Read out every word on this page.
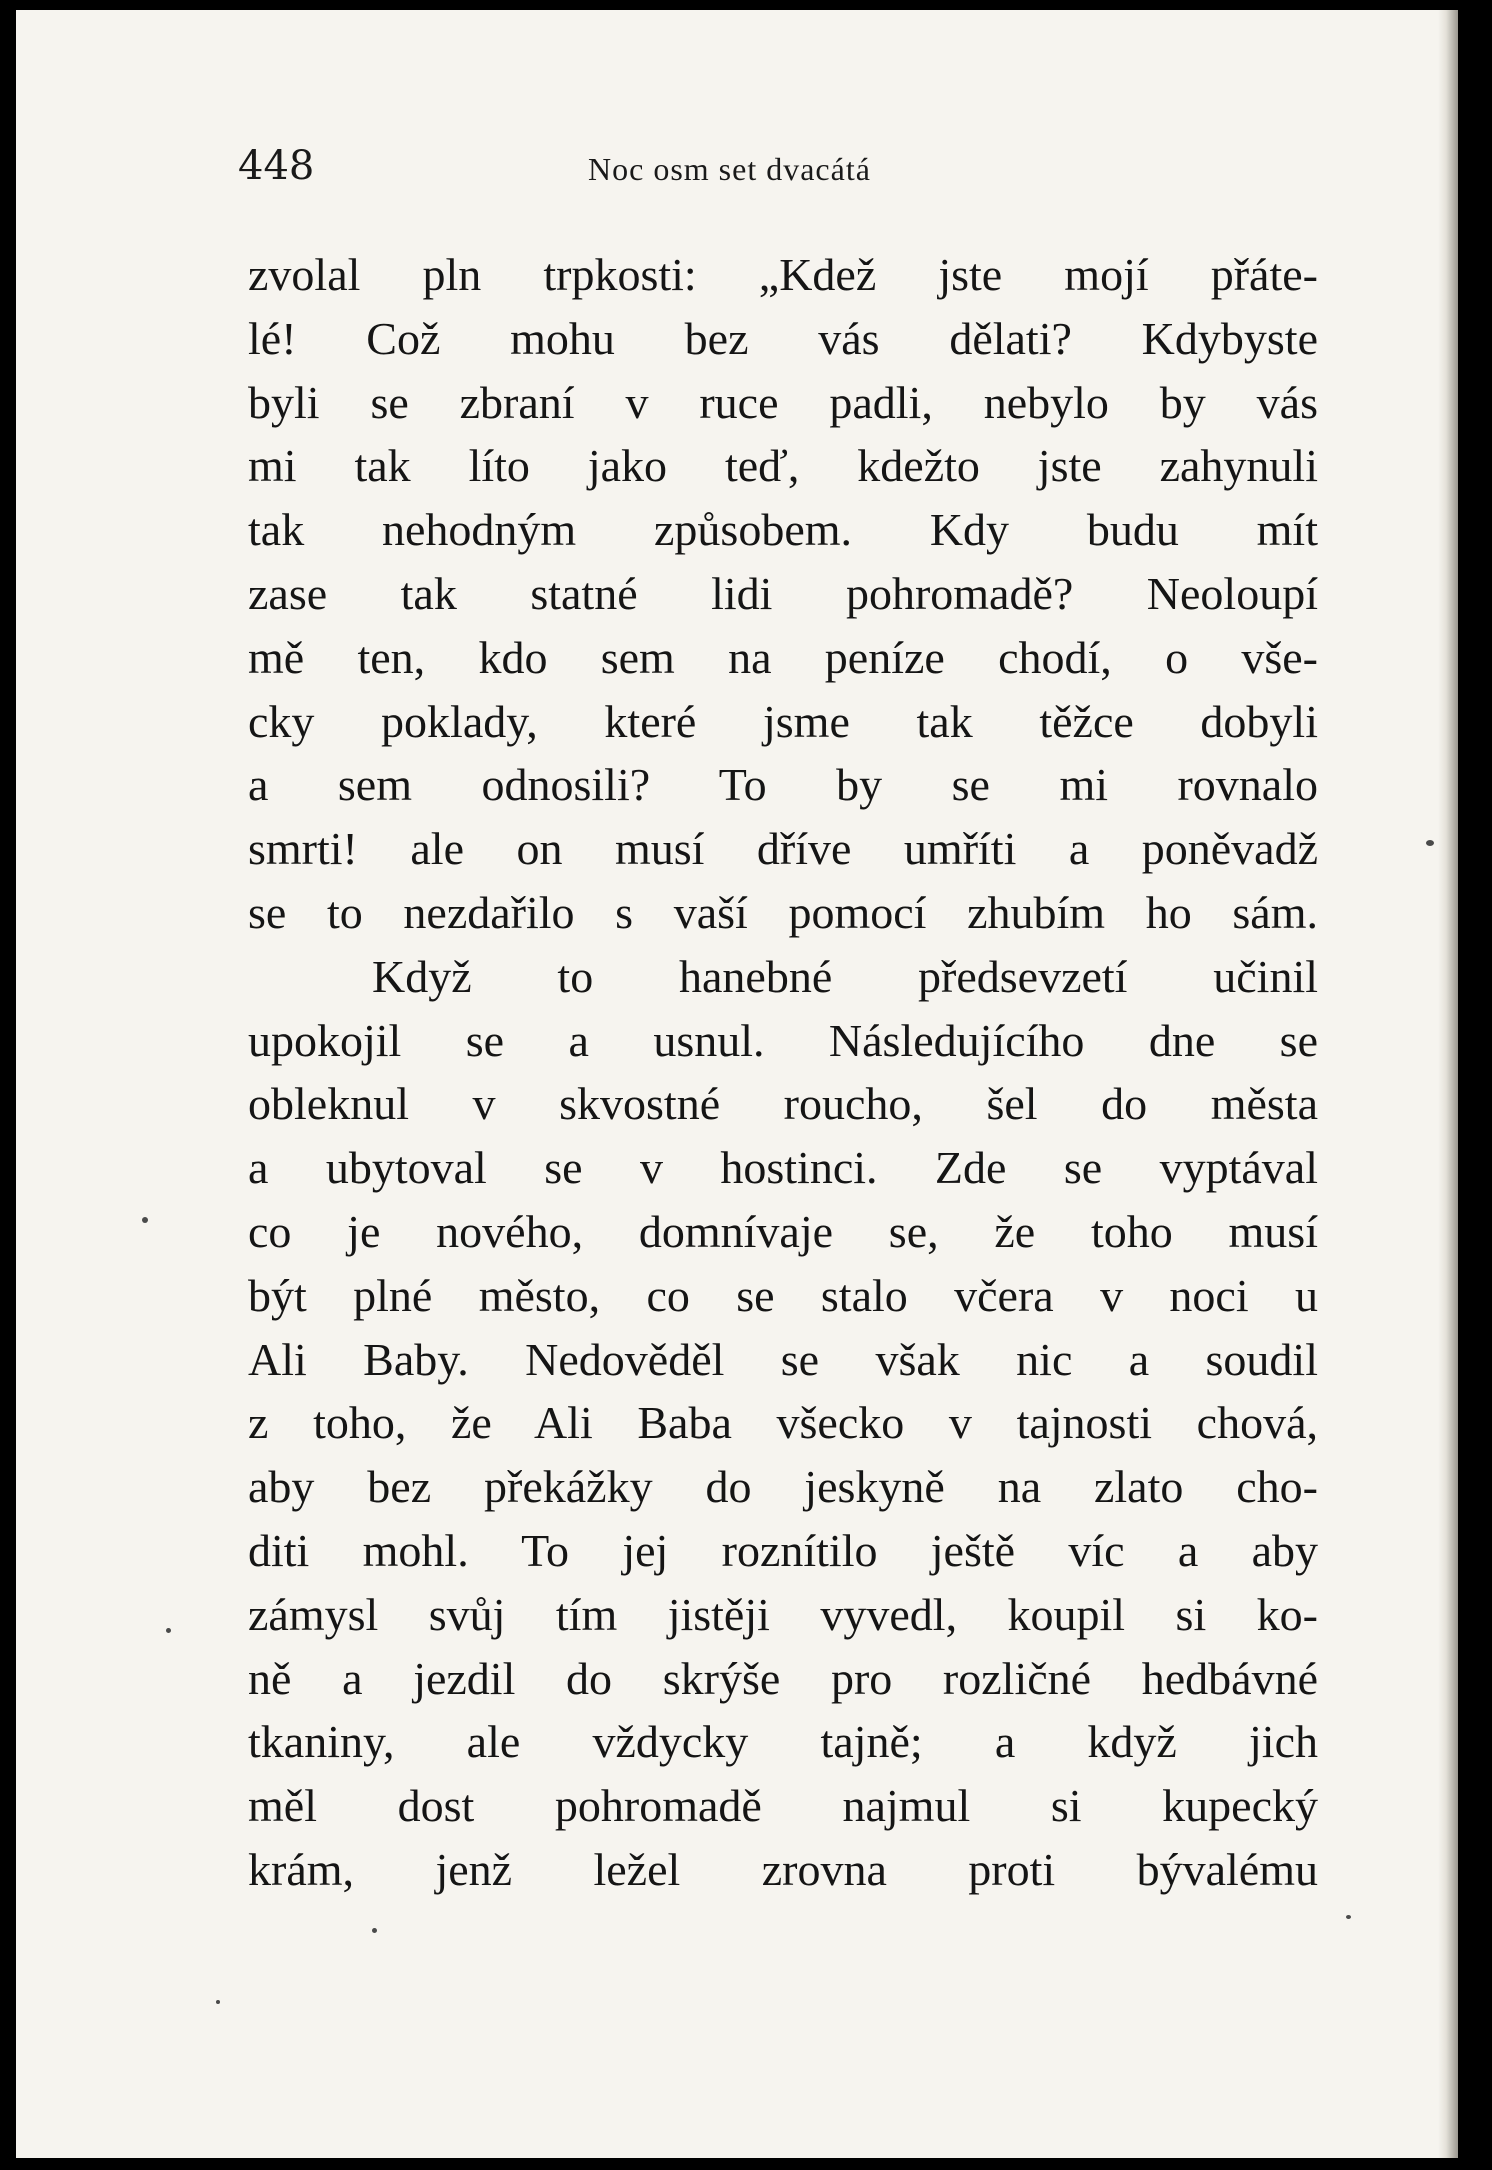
448	Noc osm set dvacátá
zvolal pln trpkosti: „Kdež jste mojí přáte-
lé! Což mohu bez vás dělati? Kdybyste
byli se zbraní v ruce padli, nebylo by vás
mi tak líto jako teď, kdežto jste zahynuli
tak nehodným způsobem. Kdy budu mít
zase tak statné lidi pohromadě? Neoloupí
mě ten, kdo sem na peníze chodí, o vše-
cky poklady, které jsme tak těžce dobyli
a sem odnosili? To by se mi rovnalo
smrti! ale on musí dříve umříti a poněvadž
se to nezdařilo s vaší pomocí zhubím ho sám.
Když to hanebné předsevzetí učinil
upokojil se a usnul. Následujícího dne se
obleknul v skvostné roucho, šel do města
a ubytoval se v hostinci. Zde se vyptával
co je nového, domnívaje se, že toho musí
být plné město, co se stalo včera v noci u
Ali Baby. Nedověděl se však nic a soudil
z toho, že Ali Baba všecko v tajnosti chová,
aby bez překážky do jeskyně na zlato cho-
diti mohl. To jej roznítilo ještě víc a aby
zámysl svůj tím jistěji vyvedl, koupil si ko-
ně a jezdil do skrýše pro rozličné hedbávné
tkaniny, ale vždycky tajně; a když jich
měl dost pohromadě najmul si kupecký
krám, jenž ležel zrovna proti bývalému
